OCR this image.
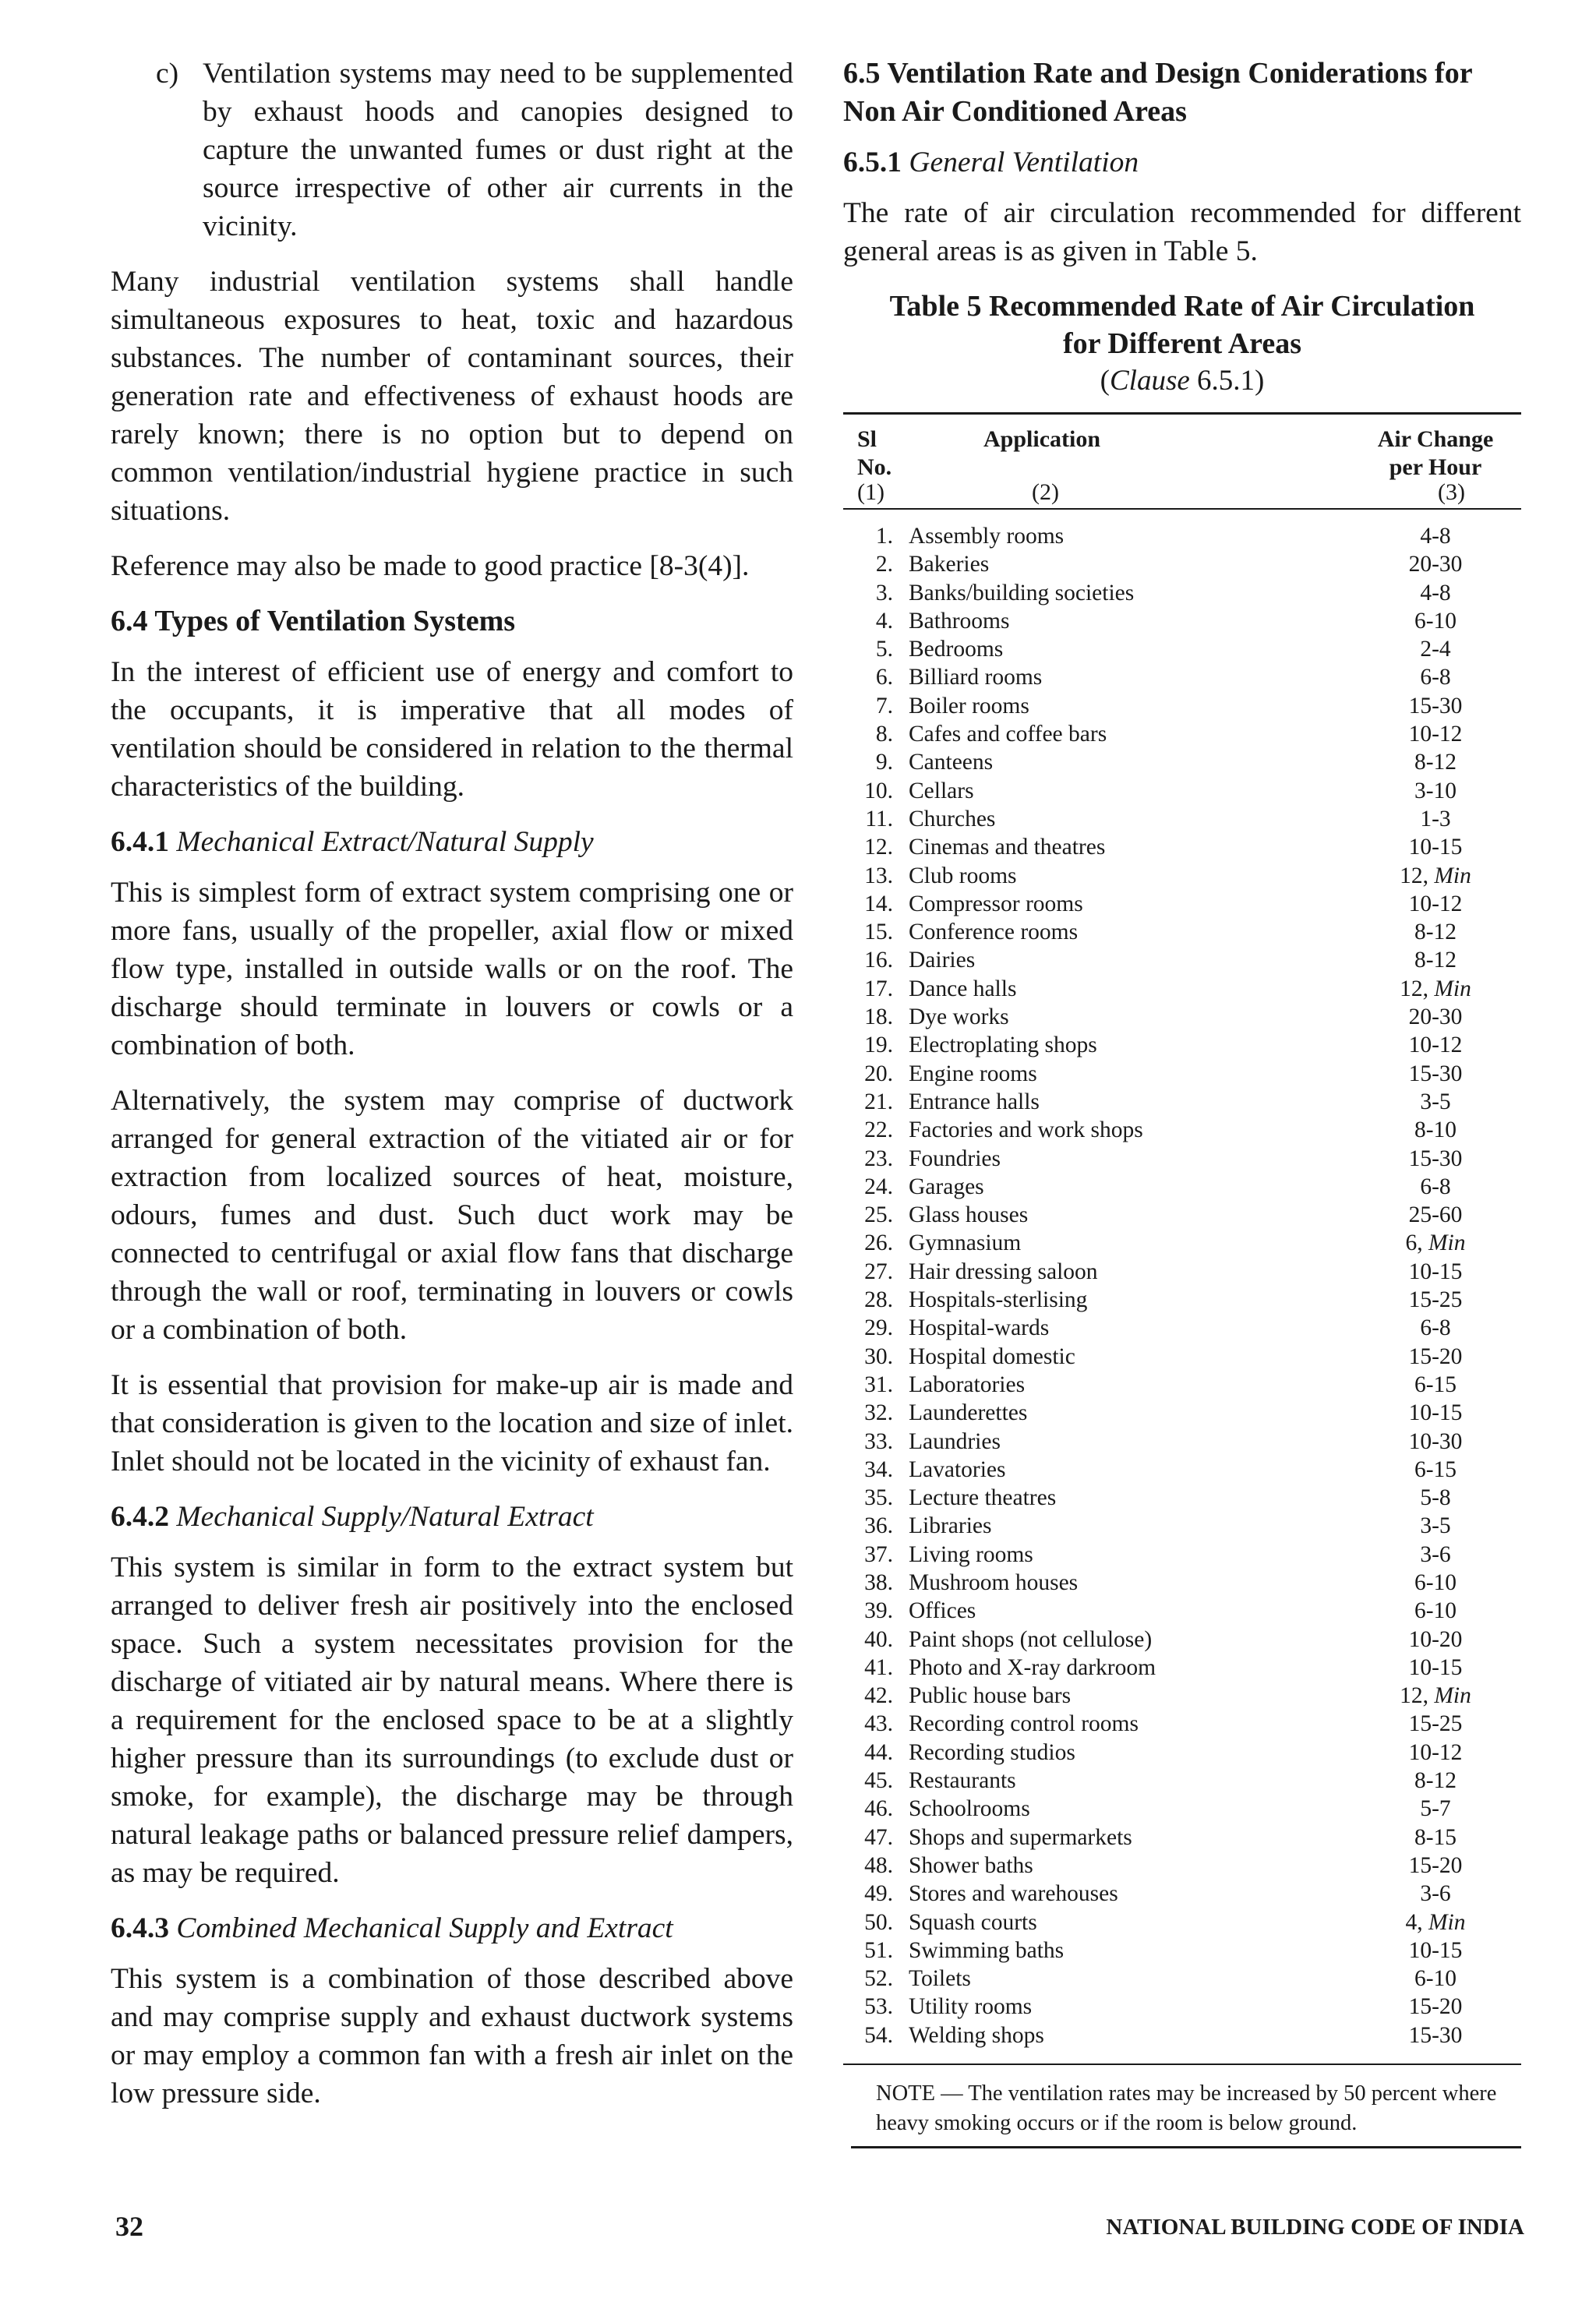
c) Ventilation systems may need to be supplemented by exhaust hoods and canopies designed to capture the unwanted fumes or dust right at the source irrespective of other air currents in the vicinity.

Many industrial ventilation systems shall handle simultaneous exposures to heat, toxic and hazardous substances. The number of contaminant sources, their generation rate and effectiveness of exhaust hoods are rarely known; there is no option but to depend on common ventilation/industrial hygiene practice in such situations.

Reference may also be made to good practice [8-3(4)].

6.4 Types of Ventilation Systems

In the interest of efficient use of energy and comfort to the occupants, it is imperative that all modes of ventilation should be considered in relation to the thermal characteristics of the building.

6.4.1 Mechanical Extract/Natural Supply

This is simplest form of extract system comprising one or more fans, usually of the propeller, axial flow or mixed flow type, installed in outside walls or on the roof. The discharge should terminate in louvers or cowls or a combination of both.

Alternatively, the system may comprise of ductwork arranged for general extraction of the vitiated air or for extraction from localized sources of heat, moisture, odours, fumes and dust. Such duct work may be connected to centrifugal or axial flow fans that discharge through the wall or roof, terminating in louvers or cowls or a combination of both.

It is essential that provision for make-up air is made and that consideration is given to the location and size of inlet. Inlet should not be located in the vicinity of exhaust fan.

6.4.2 Mechanical Supply/Natural Extract

This system is similar in form to the extract system but arranged to deliver fresh air positively into the enclosed space. Such a system necessitates provision for the discharge of vitiated air by natural means. Where there is a requirement for the enclosed space to be at a slightly higher pressure than its surroundings (to exclude dust or smoke, for example), the discharge may be through natural leakage paths or balanced pressure relief dampers, as may be required.

6.4.3 Combined Mechanical Supply and Extract

This system is a combination of those described above and may comprise supply and exhaust ductwork systems or may employ a common fan with a fresh air inlet on the low pressure side.

6.5 Ventilation Rate and Design Coniderations for Non Air Conditioned Areas

6.5.1 General Ventilation

The rate of air circulation recommended for different general areas is as given in Table 5.

Table 5 Recommended Rate of Air Circulation

for Different Areas

(Clause 6.5.1)

Sl
No.
Application	Air Change
per Hour
(1)	(2)	(3)
1. Assembly rooms	4-8
2. Bakeries	20-30
3. Banks/building societies	4-8
4. Bathrooms	6-10
5. Bedrooms	2-4
6. Billiard rooms	6-8
7. Boiler rooms	15-30
8. Cafes and coffee bars	10-12
9. Canteens	8-12
10. Cellars	3-10
11. Churches	1-3
12. Cinemas and theatres	10-15
13. Club rooms	12, Min
14. Compressor rooms	10-12
15. Conference rooms	8-12
16. Dairies	8-12
17. Dance halls	12, Min
18. Dye works	20-30
19. Electroplating shops	10-12
20. Engine rooms	15-30
21. Entrance halls	3-5
22. Factories and work shops	8-10
23. Foundries	15-30
24. Garages	6-8
25. Glass houses	25-60
26. Gymnasium	6, Min
27. Hair dressing saloon	10-15
28. Hospitals-sterlising	15-25
29. Hospital-wards	6-8
30. Hospital domestic	15-20
31. Laboratories	6-15
32. Launderettes	10-15
33. Laundries	10-30
34. Lavatories	6-15
35. Lecture theatres	5-8
36. Libraries	3-5
37. Living rooms	3-6
38. Mushroom houses	6-10
39. Offices	6-10
40. Paint shops (not cellulose)	10-20
41. Photo and X-ray darkroom	10-15
42. Public house bars	12, Min
43. Recording control rooms	15-25
44. Recording studios	10-12
45. Restaurants	8-12
46. Schoolrooms	5-7
47. Shops and supermarkets	8-15
48. Shower baths	15-20
49. Stores and warehouses	3-6
50. Squash courts	4, Min
51. Swimming baths	10-15
52. Toilets	6-10
53. Utility rooms	15-20
54. Welding shops	15-30

NOTE — The ventilation rates may be increased by 50 percent where heavy smoking occurs or if the room is below ground.

32	NATIONAL BUILDING CODE OF INDIA
